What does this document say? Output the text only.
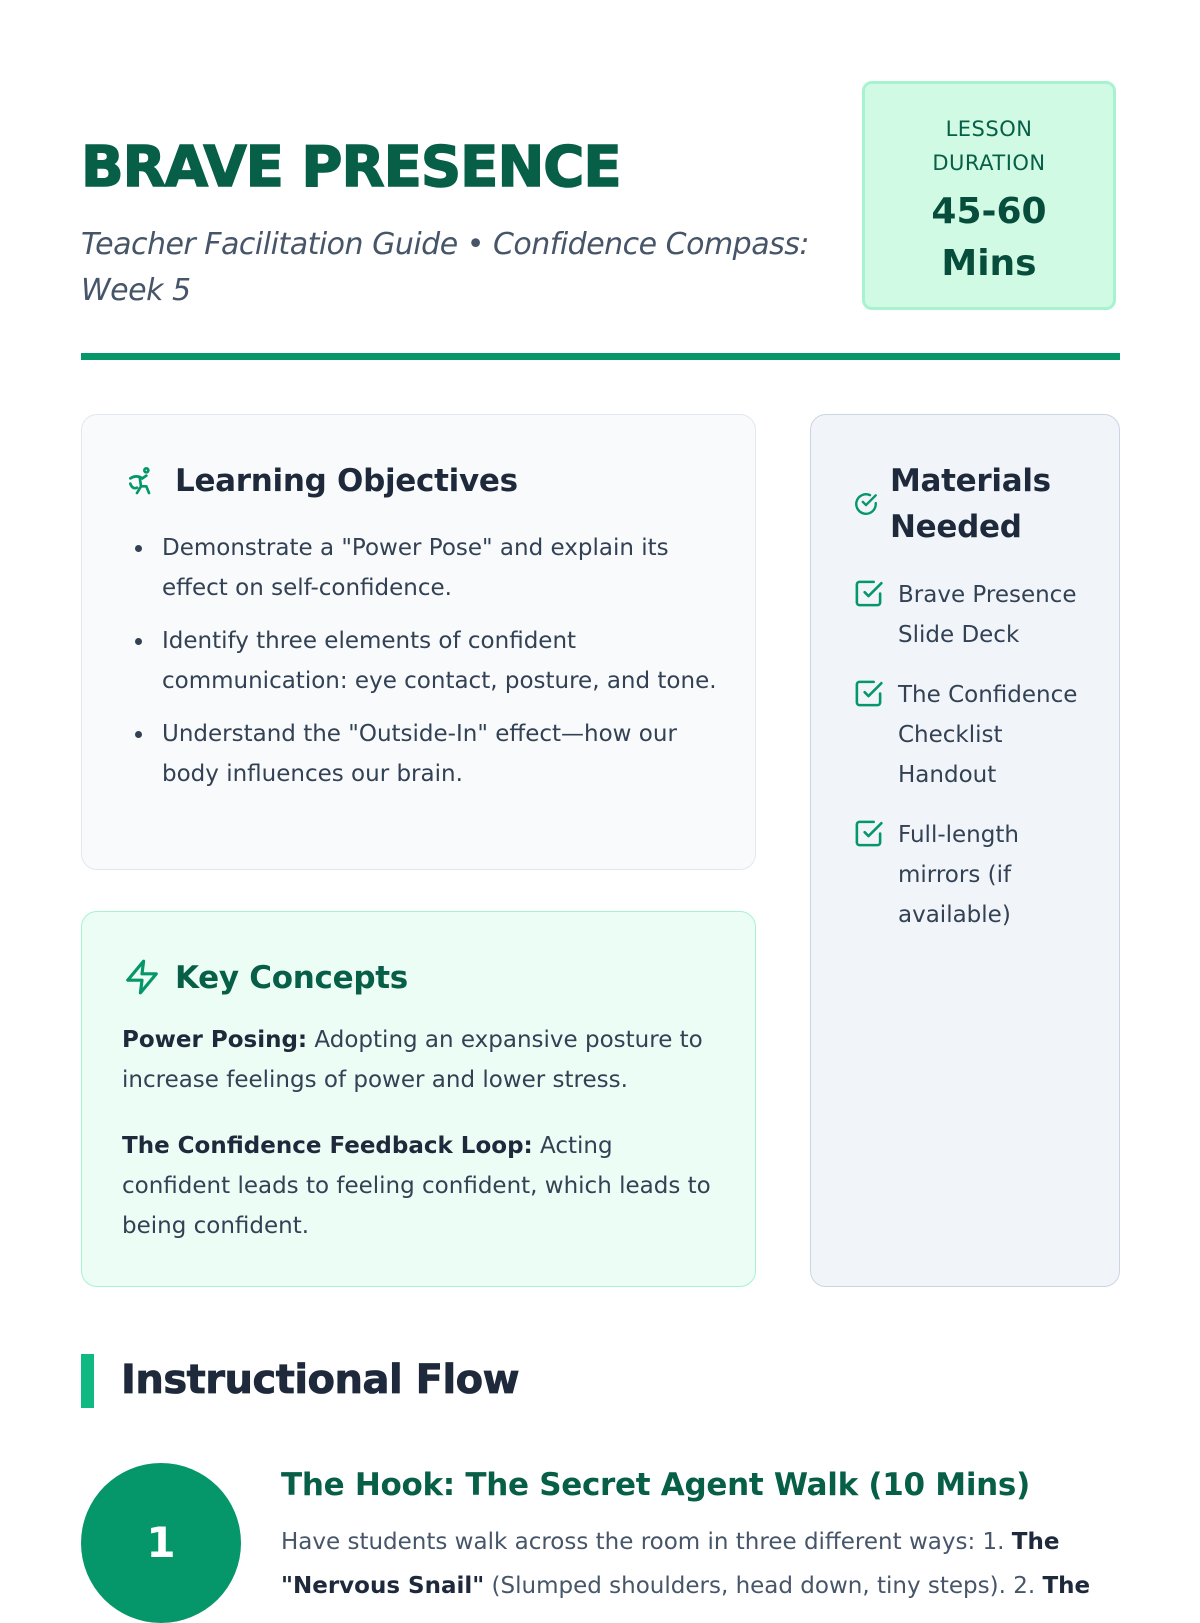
BRAVE PRESENCE

Teacher Facilitation Guide • Confidence Compass: Week 5

LESSON DURATION
45-60 Mins
Learning Objectives
Demonstrate a "Power Pose" and explain its effect on self-confidence.
Identify three elements of confident communication: eye contact, posture, and tone.
Understand the "Outside-In" effect—how our body influences our brain.
Key Concepts

Power Posing: Adopting an expansive posture to increase feelings of power and lower stress.

The Confidence Feedback Loop: Acting confident leads to feeling confident, which leads to being confident.

Materials Needed
Brave Presence Slide Deck
The Confidence Checklist Handout
Full-length mirrors (if available)
Instructional Flow
1
The Hook: The Secret Agent Walk (10 Mins)

Have students walk across the room in three different ways: 1. The "Nervous Snail" (Slumped shoulders, head down, tiny steps). 2. The
